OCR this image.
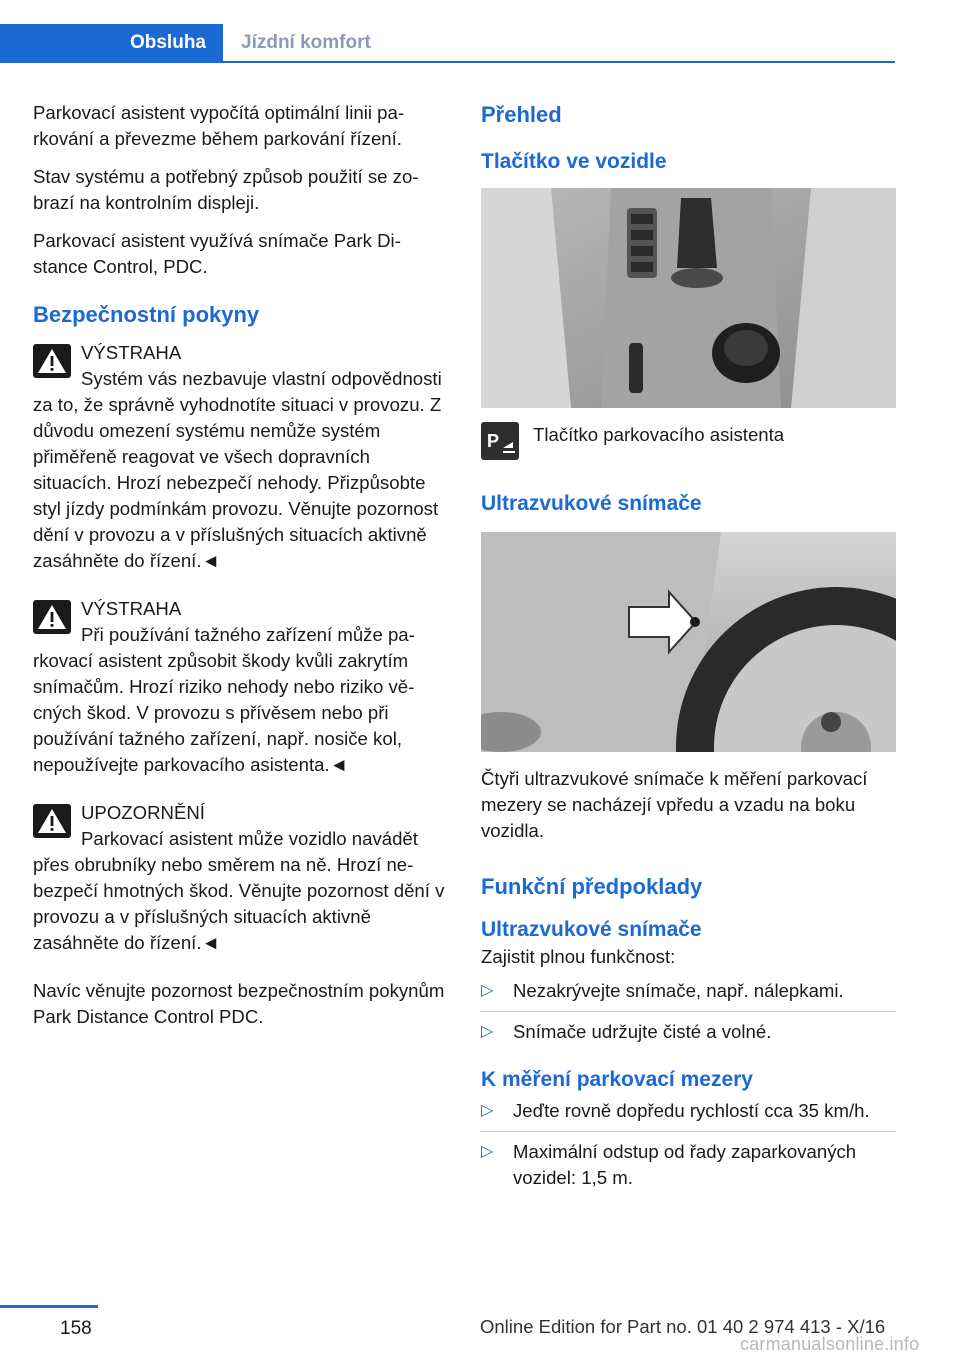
Obsluha	Jízdní komfort

Parkovací asistent vypočítá optimální linii parkování a převezme během parkování řízení.

Stav systému a potřebný způsob použití se zobrazí na kontrolním displeji.

Parkovací asistent využívá snímače Park Distance Control, PDC.

Bezpečnostní pokyny

VÝSTRAHA

Systém vás nezbavuje vlastní odpovědnosti za to, že správně vyhodnotíte situaci v provozu. Z důvodu omezení systému nemůže systém přiměřeně reagovat ve všech dopravních situacích. Hrozí nebezpečí nehody. Přizpůsobte styl jízdy podmínkám provozu. Věnujte pozornost dění v provozu a v příslušných situacích aktivně zasáhněte do řízení.◄

VÝSTRAHA

Při používání tažného zařízení může parkovací asistent způsobit škody kvůli zakrytím snímačům. Hrozí riziko nehody nebo riziko věcných škod. V provozu s přívěsem nebo při používání tažného zařízení, např. nosiče kol, nepoužívejte parkovacího asistenta.◄

UPOZORNĚNÍ

Parkovací asistent může vozidlo navádět přes obrubníky nebo směrem na ně. Hrozí nebezpečí hmotných škod. Věnujte pozornost dění v provozu a v příslušných situacích aktivně zasáhněte do řízení.◄

Navíc věnujte pozornost bezpečnostním pokynům Park Distance Control PDC.

Přehled
Tlačítko ve vozidle
P Tlačítko parkovacího asistenta
Ultrazvukové snímače

Čtyři ultrazvukové snímače k měření parkovací mezery se nacházejí vpředu a vzadu na boku vozidla.

Funkční předpoklady
Ultrazvukové snímače

Zajistit plnou funkčnost:

▷ Nezakrývejte snímače, např. nálepkami.
▷ Snímače udržujte čisté a volné.
K měření parkovací mezery
▷ Jeďte rovně dopředu rychlostí cca 35 km/h.
▷ Maximální odstup od řady zaparkovaných vozidel: 1,5 m.
158	Online Edition for Part no. 01 40 2 974 413 - X/16
carmanualsonline.info
